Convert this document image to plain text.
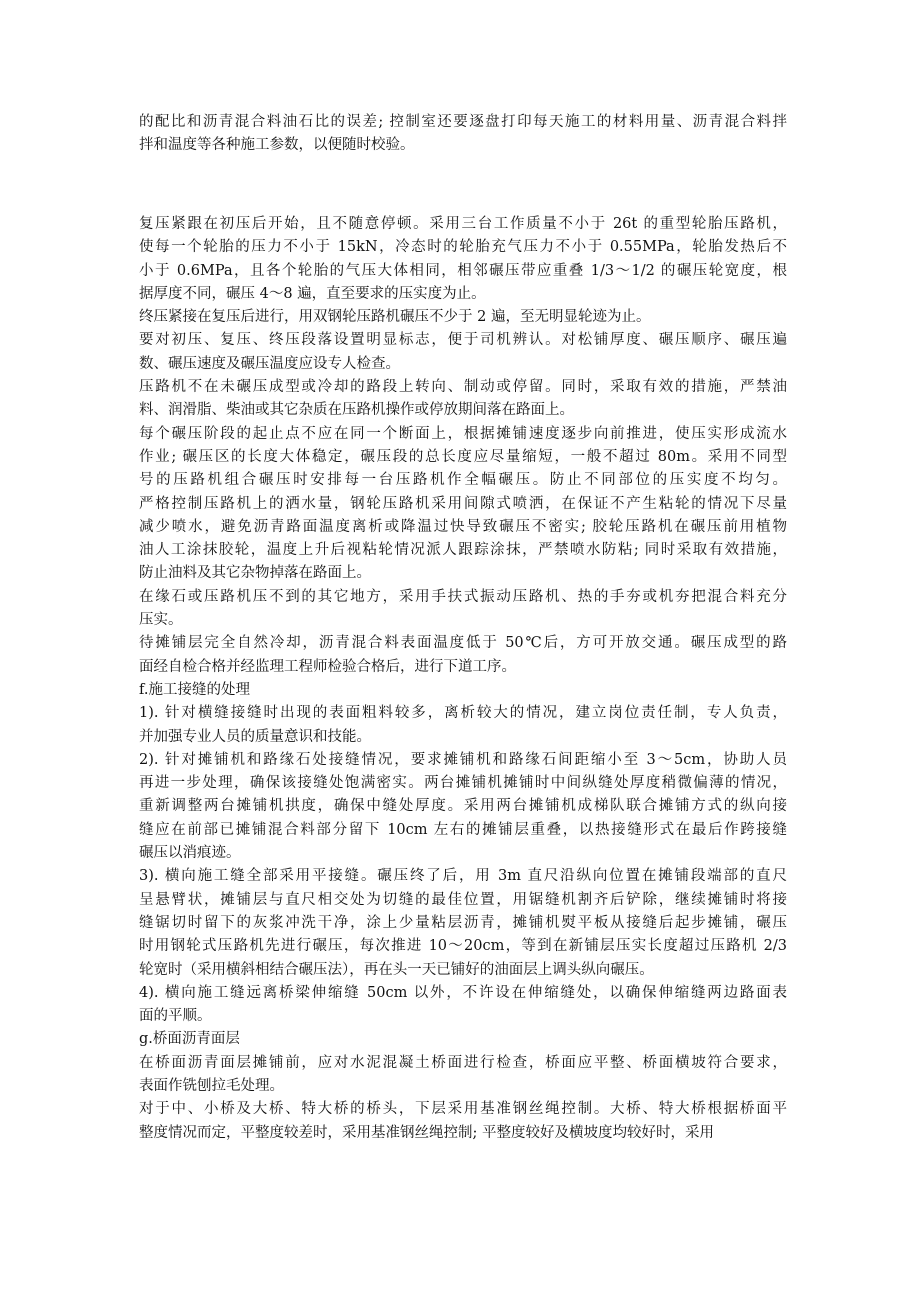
的配比和沥青混合料油石比的误差; 控制室还要逐盘打印每天施工的材料用量、沥青混合料拌
拌和温度等各种施工参数，以便随时校验。
复压紧跟在初压后开始，且不随意停顿。采用三台工作质量不小于 26t 的重型轮胎压路机，
使每一个轮胎的压力不小于 15kN，冷态时的轮胎充气压力不小于 0.55MPa，轮胎发热后不
小于 0.6MPa，且各个轮胎的气压大体相同，相邻碾压带应重叠 1/3～1/2 的碾压轮宽度，根
据厚度不同，碾压 4～8 遍，直至要求的压实度为止。
终压紧接在复压后进行，用双钢轮压路机碾压不少于 2 遍，至无明显轮迹为止。
要对初压、复压、终压段落设置明显标志，便于司机辨认。对松铺厚度、碾压顺序、碾压遍
数、碾压速度及碾压温度应设专人检查。
压路机不在未碾压成型或冷却的路段上转向、制动或停留。同时，采取有效的措施，严禁油
料、润滑脂、柴油或其它杂质在压路机操作或停放期间落在路面上。
每个碾压阶段的起止点不应在同一个断面上，根据摊铺速度逐步向前推进，使压实形成流水
作业; 碾压区的长度大体稳定，碾压段的总长度应尽量缩短，一般不超过 80m。采用不同型
号的压路机组合碾压时安排每一台压路机作全幅碾压。防止不同部位的压实度不均匀。
严格控制压路机上的洒水量，钢轮压路机采用间隙式喷洒，在保证不产生粘轮的情况下尽量
减少喷水，避免沥青路面温度离析或降温过快导致碾压不密实; 胶轮压路机在碾压前用植物
油人工涂抹胶轮，温度上升后视粘轮情况派人跟踪涂抹，严禁喷水防粘; 同时采取有效措施，
防止油料及其它杂物掉落在路面上。
在缘石或压路机压不到的其它地方，采用手扶式振动压路机、热的手夯或机夯把混合料充分
压实。
待摊铺层完全自然冷却，沥青混合料表面温度低于 50℃后，方可开放交通。碾压成型的路
面经自检合格并经监理工程师检验合格后，进行下道工序。
f.施工接缝的处理
1). 针对横缝接缝时出现的表面粗料较多，离析较大的情况，建立岗位责任制，专人负责，
并加强专业人员的质量意识和技能。
2). 针对摊铺机和路缘石处接缝情况，要求摊铺机和路缘石间距缩小至 3～5cm，协助人员
再进一步处理，确保该接缝处饱满密实。两台摊铺机摊铺时中间纵缝处厚度稍微偏薄的情况，
重新调整两台摊铺机拱度，确保中缝处厚度。采用两台摊铺机成梯队联合摊铺方式的纵向接
缝应在前部已摊铺混合料部分留下 10cm 左右的摊铺层重叠，以热接缝形式在最后作跨接缝
碾压以消痕迹。
3). 横向施工缝全部采用平接缝。碾压终了后，用 3m 直尺沿纵向位置在摊铺段端部的直尺
呈悬臂状，摊铺层与直尺相交处为切缝的最佳位置，用锯缝机割齐后铲除，继续摊铺时将接
缝锯切时留下的灰浆冲洗干净，涂上少量粘层沥青，摊铺机熨平板从接缝后起步摊铺，碾压
时用钢轮式压路机先进行碾压，每次推进 10～20cm，等到在新铺层压实长度超过压路机 2/3
轮宽时（采用横斜相结合碾压法），再在头一天已铺好的油面层上调头纵向碾压。
4). 横向施工缝远离桥梁伸缩缝 50cm 以外，不许设在伸缩缝处，以确保伸缩缝两边路面表
面的平顺。
g.桥面沥青面层
在桥面沥青面层摊铺前，应对水泥混凝土桥面进行检查，桥面应平整、桥面横坡符合要求，
表面作铣刨拉毛处理。
对于中、小桥及大桥、特大桥的桥头，下层采用基准钢丝绳控制。大桥、特大桥根据桥面平
整度情况而定，平整度较差时，采用基准钢丝绳控制; 平整度较好及横坡度均较好时，采用
